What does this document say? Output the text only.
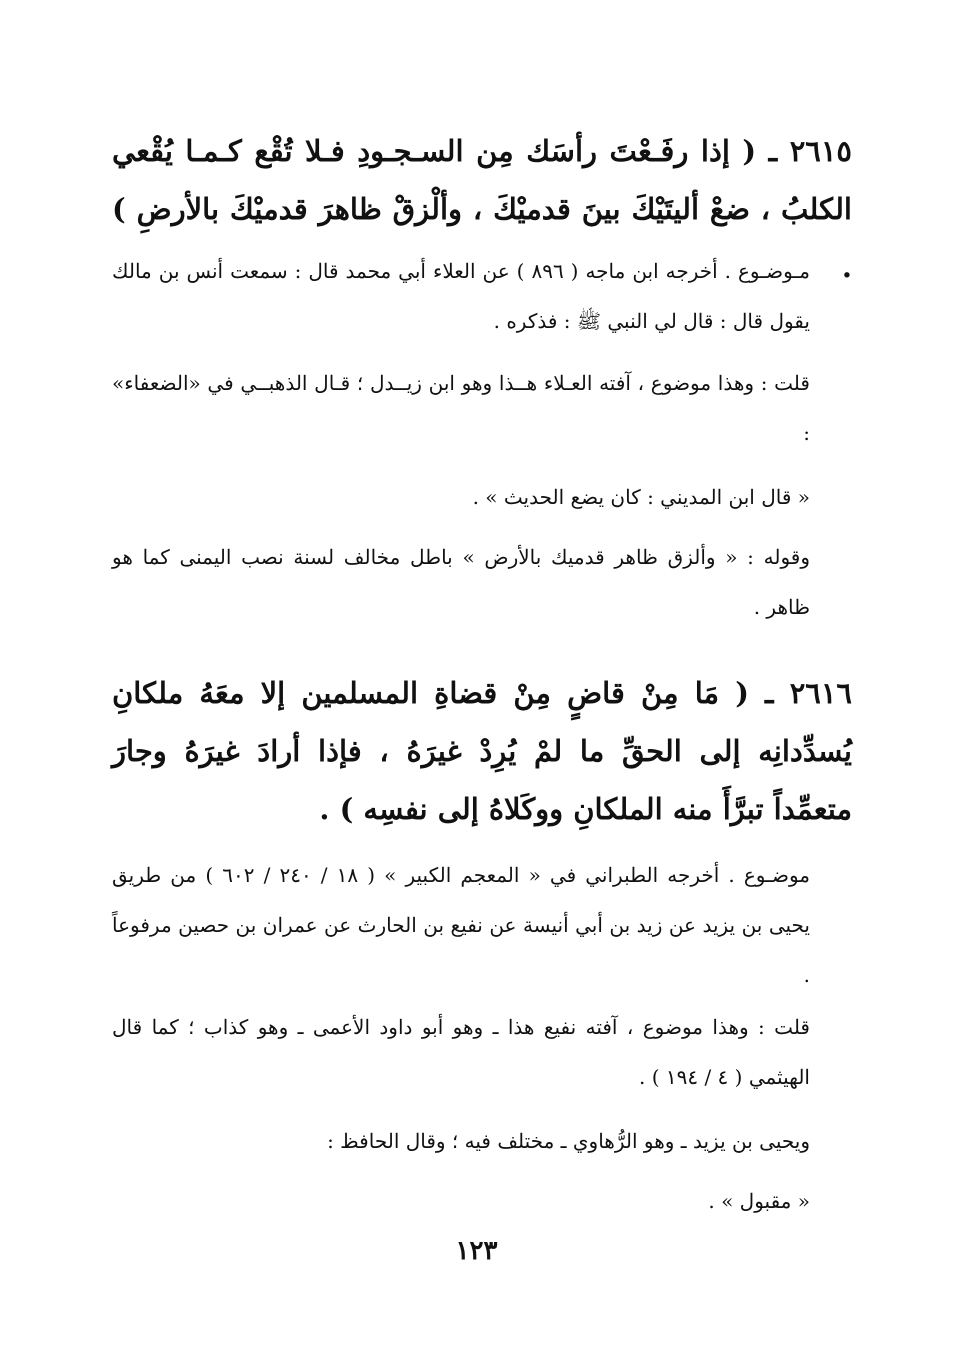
٢٦١٥ ـ ( إذا رفَـعْتَ رأسَك مِن السـجـودِ فـلا تُقْع كـمـا يُقْعي الكلبُ ، ضعْ أليتَيْكَ بينَ قدميْكَ ، وألْزقْ ظاهرَ قدميْكَ بالأرضِ ) .

مـوضـوع . أخرجه ابن ماجه ( ٨٩٦ ) عن العلاء أبي محمد قال : سمعت أنس بن مالك يقول قال : قال لي النبي ﷺ : فذكره .

قلت : وهذا موضوع ، آفته العـلاء هــذا وهو ابن زيــدل ؛ قـال الذهبــي في «الضعفاء» :

« قال ابن المديني : كان يضع الحديث » .

وقوله : « وألزق ظاهر قدميك بالأرض » باطل مخالف لسنة نصب اليمنى كما هو ظاهر .

٢٦١٦ ـ ( مَا مِنْ قاضٍ مِنْ قضاةِ المسلمين إلا معَهُ ملكانِ يُسدِّدانِه إلى الحقِّ ما لمْ يُرِدْ غيرَهُ ، فإذا أرادَ غيرَهُ وجارَ متعمِّداً تبرَّأَ منه الملكانِ ووكَلاهُ إلى نفسِه ) .

موضـوع . أخرجه الطبراني في « المعجم الكبير » ( ١٨ / ٢٤٠ / ٦٠٢ ) من طريق يحيى بن يزيد عن زيد بن أبي أنيسة عن نفيع بن الحارث عن عمران بن حصين مرفوعاً .

قلت : وهذا موضوع ، آفته نفيع هذا ـ وهو أبو داود الأعمى ـ وهو كذاب ؛ كما قال الهيثمي ( ٤ / ١٩٤ ) .

ويحيى بن يزيد ـ وهو الرُّهاوي ـ مختلف فيه ؛ وقال الحافظ :

« مقبول » .

١٢٣
